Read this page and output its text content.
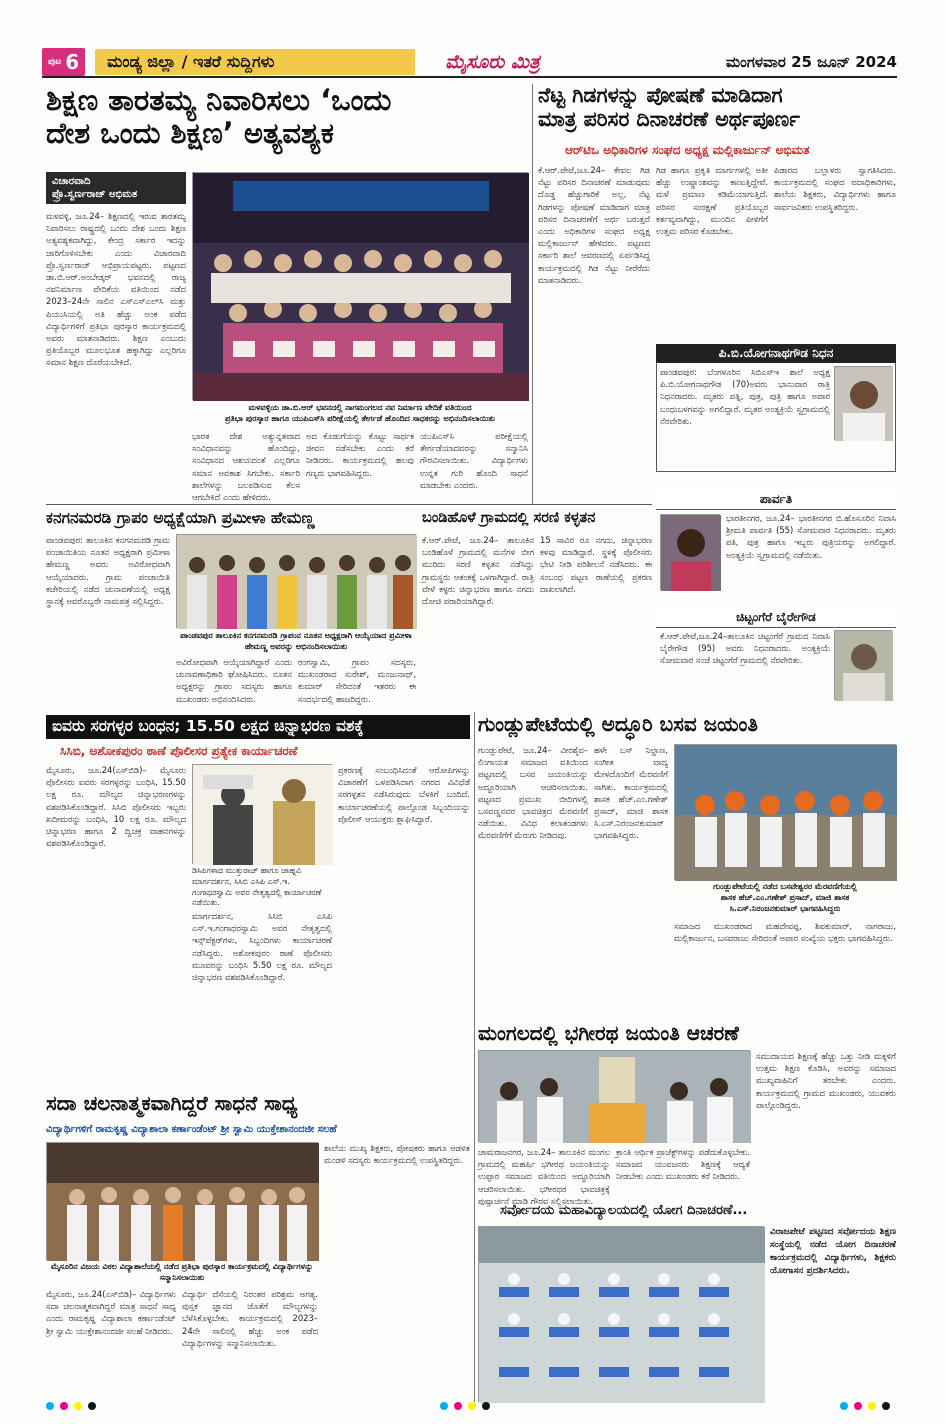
ಪುಟ 6	ಮಂಡ್ಯ ಜಿಲ್ಲಾ / ಇತರೆ ಸುದ್ದಿಗಳು	ಮೈಸೂರು ಮಿತ್ರ	ಮಂಗಳವಾರ 25 ಜೂನ್ 2024
ಶಿಕ್ಷಣ ತಾರತಮ್ಯ ನಿವಾರಿಸಲು ‘ಒಂದು
ದೇಶ ಒಂದು ಶಿಕ್ಷಣ’ ಅತ್ಯವಶ್ಯಕ
ವಿಚಾರವಾದಿ
ಪ್ರೊ.ಸ್ವರ್ಣರಾಜ್ ಅಭಿಮತ
ಮಳವಳ್ಳಿ, ಜೂ.24– ಶಿಕ್ಷಣದಲ್ಲಿ ಇರುವ ತಾರತಮ್ಯ ನಿವಾರಿಸಲು ರಾಷ್ಟ್ರದಲ್ಲಿ ಒಂದು ದೇಶ ಒಂದು ಶಿಕ್ಷಣ ಅತ್ಯವಶ್ಯಕವಾಗಿದ್ದು, ಕೇಂದ್ರ ಸರ್ಕಾರ ಇದನ್ನು ಜಾರಿಗೊಳಿಸಬೇಕು ಎಂದು ವಿಚಾರವಾದಿ ಪ್ರೊ.ಸ್ವರ್ಣರಾಜ್ ಅಭಿಪ್ರಾಯಪಟ್ಟರು. ಪಟ್ಟಣದ ಡಾ.ಬಿ.ಆರ್.ಅಂಬೇಡ್ಕರ್ ಭವನದಲ್ಲಿ ರಾಜ್ಯ ನವನಿರ್ಮಾಣ ವೇದಿಕೆಯ ವತಿಯಿಂದ ನಡೆದ 2023–24ನೇ ಸಾಲಿನ ಎಸ್‌ಎಸ್‌ಎಲ್‌ಸಿ ಮತ್ತು ಪಿಯುಸಿಯಲ್ಲಿ ಅತಿ ಹೆಚ್ಚು ಅಂಕ ಪಡೆದ ವಿದ್ಯಾರ್ಥಿಗಳಿಗೆ ಪ್ರತಿಭಾ ಪುರಸ್ಕಾರ ಕಾರ್ಯಕ್ರಮದಲ್ಲಿ ಅವರು ಮಾತನಾಡಿದರು. ಶಿಕ್ಷಣ ಎಂಬುದು ಪ್ರತಿಯೊಬ್ಬರ ಮೂಲಭೂತ ಹಕ್ಕಾಗಿದ್ದು ಎಲ್ಲರಿಗೂ ಸಮಾನ ಶಿಕ್ಷಣ ದೊರೆಯಬೇಕಿದೆ.
ಮಳವಳ್ಳಿಯ ಡಾ.ಬಿ.ಆರ್ ಭವನದಲ್ಲಿ ನಾಗಮಂಗಲದ ನವ ನಿರ್ಮಾಣ ವೇದಿಕೆ ವತಿಯಿಂದ
ಪ್ರತಿಭಾ ಪುರಸ್ಕಾರ ಹಾಗೂ ಯುಪಿಎಸ್‌ಸಿ ಪರೀಕ್ಷೆಯಲ್ಲಿ ತೇರ್ಗಡೆ ಹೊಂದಿದ ಸಾಧಕರನ್ನು ಅಭಿನಂದಿಸಲಾಯಿತು
ಭಾರತ ದೇಶ ಅತ್ಯುನ್ನತವಾದ ಸಂವಿಧಾನವನ್ನು ಹೊಂದಿದ್ದು, ಸಂವಿಧಾನದ ಆಶಯದಂತೆ ಎಲ್ಲರಿಗೂ ಸಮಾನ ಅವಕಾಶ ಸಿಗಬೇಕು. ಸರ್ಕಾರಿ ಶಾಲೆಗಳನ್ನು ಬಲಪಡಿಸುವ ಕೆಲಸ ಆಗಬೇಕಿದೆ ಎಂದು ಹೇಳಿದರು.
ಅದ ಕೊಡುಗೆಯನ್ನು ಕೊಟ್ಟು ಸಾರ್ಥಕ ಜೀವನ ನಡೆಸಬೇಕು ಎಂದು ಕರೆ ನೀಡಿದರು. ಕಾರ್ಯಕ್ರಮದಲ್ಲಿ ಹಲವು ಗಣ್ಯರು ಭಾಗವಹಿಸಿದ್ದರು.
ಯುಪಿಎಸ್‌ಸಿ ಪರೀಕ್ಷೆಯಲ್ಲಿ ತೇರ್ಗಡೆಯಾದವರನ್ನು ಸನ್ಮಾನಿಸಿ ಗೌರವಿಸಲಾಯಿತು. ವಿದ್ಯಾರ್ಥಿಗಳು ಉನ್ನತ ಗುರಿ ಹೊಂದಿ ಸಾಧನೆ ಮಾಡಬೇಕು ಎಂದರು.
ನೆಟ್ಟ ಗಿಡಗಳನ್ನು ಪೋಷಣೆ ಮಾಡಿದಾಗ
ಮಾತ್ರ ಪರಿಸರ ದಿನಾಚರಣೆ ಅರ್ಥಪೂರ್ಣ
ಆರ್‌ಟಿಒ ಅಧಿಕಾರಿಗಳ ಸಂಘದ ಅಧ್ಯಕ್ಷ ಮಲ್ಲಿಕಾರ್ಜುನ್ ಅಭಿಮತ
ಕೆ.ಆರ್.ಪೇಟೆ,ಜೂ.24– ಕೇವಲ ಗಿಡ ನೆಟ್ಟು ಪರಿಸರ ದಿನಾಚರಣೆ ಮಾಡುವುದು ದೊಡ್ಡ ಹೆಚ್ಚುಗಾರಿಕೆ ಅಲ್ಲ, ನೆಟ್ಟ ಗಿಡಗಳನ್ನು ಪೋಷಣೆ ಮಾಡಿದಾಗ ಮಾತ್ರ ಪರಿಸರ ದಿನಾಚರಣೆಗೆ ಅರ್ಥ ಬರುತ್ತದೆ ಎಂದು ಅಧಿಕಾರಿಗಳ ಸಂಘದ ಅಧ್ಯಕ್ಷ ಮಲ್ಲಿಕಾರ್ಜುನ್ ಹೇಳಿದರು. ಪಟ್ಟಣದ ಸರ್ಕಾರಿ ಶಾಲೆ ಆವರಣದಲ್ಲಿ ಏರ್ಪಡಿಸಿದ್ದ ಕಾರ್ಯಕ್ರಮದಲ್ಲಿ ಗಿಡ ನೆಟ್ಟು ನೀರೆರೆದು ಮಾತನಾಡಿದರು.
ಗಿಡ ಹಾಗೂ ಪ್ರಕೃತಿ ಮಾರ್ಗಗಳಲ್ಲಿ ಅತೀ ಹೆಚ್ಚು ಉಷ್ಣಾಂಶವನ್ನು ಕಾಣುತ್ತಿದ್ದೇವೆ. ಮಳೆ ಪ್ರಮಾಣ ಕಡಿಮೆಯಾಗುತ್ತಿದೆ. ಪರಿಸರ ಸಂರಕ್ಷಣೆ ಪ್ರತಿಯೊಬ್ಬರ ಕರ್ತವ್ಯವಾಗಿದ್ದು, ಮುಂದಿನ ಪೀಳಿಗೆಗೆ ಉತ್ತಮ ಪರಿಸರ ಕೊಡಬೇಕು.
ಪಿಡಾರದ ಬಲ್ಲಾಳರು ಸ್ವಾಗತಿಸಿದರು. ಕಾರ್ಯಕ್ರಮದಲ್ಲಿ ಸಂಘದ ಪದಾಧಿಕಾರಿಗಳು, ಶಾಲೆಯ ಶಿಕ್ಷಕರು, ವಿದ್ಯಾರ್ಥಿಗಳು ಹಾಗೂ ಸಾರ್ವಜನಿಕರು ಉಪಸ್ಥಿತರಿದ್ದರು.
ಪಿ.ಬಿ.ಯೋಗನಾಥಗೌಡ ನಿಧನ
ಪಾಂಡವಪುರ: ಬೆಂಗಳೂರಿನ ಸಿಬಿಎಸ್‌ಇ ಶಾಲೆ ಅಧ್ಯಕ್ಷ ಪಿ.ಬಿ.ಯೋಗನಾಥಗೌಡ (70)ಅವರು ಭಾನುವಾರ ರಾತ್ರಿ ನಿಧನರಾದರು. ಮೃತರು ಪತ್ನಿ, ಪುತ್ರ, ಪುತ್ರಿ ಹಾಗೂ ಅಪಾರ ಬಂಧುಬಳಗವನ್ನು ಅಗಲಿದ್ದಾರೆ. ಮೃತರ ಅಂತ್ಯಕ್ರಿಯೆ ಸ್ವಗ್ರಾಮದಲ್ಲಿ ನೆರವೇರಿತು.
ಪಾರ್ವತಿ
ಭಾರತೀನಗರ, ಜೂ.24– ಭಾರತೀನಗರ ಬಿ.ಹೊಸೂರಿನ ನಿವಾಸಿ ಶ್ರೀಮತಿ ಪಾರ್ವತಿ (55) ಸೋಮವಾರ ನಿಧನರಾದರು. ಮೃತರು ಪತಿ, ಪುತ್ರ ಹಾಗೂ ಇಬ್ಬರು ಪುತ್ರಿಯರನ್ನು ಅಗಲಿದ್ದಾರೆ. ಅಂತ್ಯಕ್ರಿಯೆ ಸ್ವಗ್ರಾಮದಲ್ಲಿ ನಡೆಯಿತು.
ಚಿಟ್ಟಂಗೆರೆ ಬೈರೇಗೌಡ
ಕೆ.ಆರ್.ಪೇಟೆ,ಜೂ.24–ತಾಲೂಕಿನ ಚಿಟ್ಟಂಗೆರೆ ಗ್ರಾಮದ ನಿವಾಸಿ ಬೈರೇಗೌಡ (95) ಅವರು ನಿಧನರಾದರು. ಅಂತ್ಯಕ್ರಿಯೆ ಸೋಮವಾರ ಸಂಜೆ ಚಿಟ್ಟಂಗೆರೆ ಗ್ರಾಮದಲ್ಲಿ ನೆರವೇರಿತು.
ಕನಗನಮರಡಿ ಗ್ರಾಪಂ ಅಧ್ಯಕ್ಷೆಯಾಗಿ ಪ್ರಮೀಳಾ ಹೇಮಣ್ಣ
ಪಾಂಡವಪುರ: ತಾಲೂಕಿನ ಕನಗನಮರಡಿ ಗ್ರಾಮ ಪಂಚಾಯಿತಿಯ ನೂತನ ಅಧ್ಯಕ್ಷರಾಗಿ ಪ್ರಮೀಳಾ ಹೇಮಣ್ಣ ಅವರು ಅವಿರೋಧವಾಗಿ ಆಯ್ಕೆಯಾದರು. ಗ್ರಾಮ ಪಂಚಾಯಿತಿ ಕಚೇರಿಯಲ್ಲಿ ನಡೆದ ಚುನಾವಣೆಯಲ್ಲಿ ಅಧ್ಯಕ್ಷ ಸ್ಥಾನಕ್ಕೆ ಅವರೊಬ್ಬರೇ ನಾಮಪತ್ರ ಸಲ್ಲಿಸಿದ್ದರು.
ಪಾಂಡವಪುರ ತಾಲೂಕಿನ ಕನಗನಮರಡಿ ಗ್ರಾಪಂನ ನೂತನ ಅಧ್ಯಕ್ಷರಾಗಿ ಆಯ್ಕೆಯಾದ ಪ್ರಮೀಳಾ ಹೇಮಣ್ಣ ಅವರನ್ನು ಅಭಿನಂದಿಸಲಾಯಿತು
ಅವಿರೋಧವಾಗಿ ಆಯ್ಕೆಯಾಗಿದ್ದಾರೆ ಎಂದು ಚುನಾವಣಾಧಿಕಾರಿ ಘೋಷಿಸಿದರು. ನೂತನ ಅಧ್ಯಕ್ಷರನ್ನು ಗ್ರಾಪಂ ಸದಸ್ಯರು ಹಾಗೂ ಮುಖಂಡರು ಅಭಿನಂದಿಸಿದರು.
ರಂಗಸ್ವಾಮಿ, ಗ್ರಾಪಂ ಸದಸ್ಯರು, ಮುಖಂಡರಾದ ಸುರೇಶ್, ಮಂಜುನಾಥ್, ಕುಮಾರ್ ಸೇರಿದಂತೆ ಇತರರು ಈ ಸಂದರ್ಭದಲ್ಲಿ ಹಾಜರಿದ್ದರು.
ಬಂಡಿಹೊಳೆ ಗ್ರಾಮದಲ್ಲಿ ಸರಣಿ ಕಳ್ಳತನ
ಕೆ.ಆರ್.ಪೇಟೆ, ಜೂ.24– ತಾಲೂಕಿನ ಬಂಡಿಹೊಳೆ ಗ್ರಾಮದಲ್ಲಿ ಮನೆಗಳ ಬೀಗ ಮುರಿದು ಸರಣಿ ಕಳ್ಳತನ ನಡೆಸಿದ್ದು ಗ್ರಾಮಸ್ಥರು ಆತಂಕಕ್ಕೆ ಒಳಗಾಗಿದ್ದಾರೆ. ರಾತ್ರಿ ವೇಳೆ ಕಳ್ಳರು ಚಿನ್ನಾಭರಣ ಹಾಗೂ ನಗದು ದೋಚಿ ಪರಾರಿಯಾಗಿದ್ದಾರೆ.
15 ಸಾವಿರ ರೂ ನಗದು, ಚಿನ್ನಾಭರಣ ಕಳವು ಮಾಡಿದ್ದಾರೆ. ಸ್ಥಳಕ್ಕೆ ಪೊಲೀಸರು ಭೇಟಿ ನೀಡಿ ಪರಿಶೀಲನೆ ನಡೆಸಿದರು. ಈ ಸಂಬಂಧ ಪಟ್ಟಣ ಠಾಣೆಯಲ್ಲಿ ಪ್ರಕರಣ ದಾಖಲಾಗಿದೆ.
ಐವರು ಸರಗಳ್ಳರ ಬಂಧನ; 15.50 ಲಕ್ಷದ ಚಿನ್ನಾಭರಣ ವಶಕ್ಕೆ
ಸಿಸಿಬಿ, ಅಶೋಕಪುರಂ ಠಾಣೆ ಪೊಲೀಸರ ಪ್ರತ್ಯೇಕ ಕಾರ್ಯಾಚರಣೆ
ಮೈಸೂರು, ಜೂ.24(ಎಸ್‌ಬಿಡಿ)– ಮೈಸೂರು ಪೊಲೀಸರು ಐವರು ಸರಗಳ್ಳರನ್ನು ಬಂಧಿಸಿ, 15.50 ಲಕ್ಷ ರೂ. ಮೌಲ್ಯದ ಚಿನ್ನಾಭರಣಗಳನ್ನು ವಶಪಡಿಸಿಕೊಂಡಿದ್ದಾರೆ. ಸಿಸಿಬಿ ಪೊಲೀಸರು ಇಬ್ಬರು ಖದೀಮರನ್ನು ಬಂಧಿಸಿ, 10 ಲಕ್ಷ ರೂ. ಮೌಲ್ಯದ ಚಿನ್ನಾಭರಣ ಹಾಗೂ 2 ದ್ವಿಚಕ್ರ ವಾಹನಗಳನ್ನು ವಶಪಡಿಸಿಕೊಂಡಿದ್ದಾರೆ.
ಡಿಸಿಪಿಗಳಾದ ಮುತ್ತುರಾಜ್ ಹಾಗೂ ಜಾಹ್ನವಿ ಮಾರ್ಗದರ್ಶನ, ಸಿಸಿಬಿ ಎಸಿಪಿ ಎಸ್.ಇ. ಗಂಗಾಧರಸ್ವಾಮಿ ಅವರ ನೇತೃತ್ವದಲ್ಲಿ ಕಾರ್ಯಾಚರಣೆ ನಡೆಯಿತು.
ಮಾರ್ಗದರ್ಶನ, ಸಿಸಿಬಿ ಎಸಿಪಿ ಎಸ್.ಇ.ಗಂಗಾಧರಸ್ವಾಮಿ ಅವರ ನೇತೃತ್ವದಲ್ಲಿ ಇನ್ಸ್‌ಪೆಕ್ಟರ್‌ಗಳು, ಸಿಬ್ಬಂದಿಗಳು ಕಾರ್ಯಾಚರಣೆ ನಡೆಸಿದ್ದರು. ಅಶೋಕಪುರಂ ಠಾಣೆ ಪೊಲೀಸರು ಮೂವರನ್ನು ಬಂಧಿಸಿ 5.50 ಲಕ್ಷ ರೂ. ಮೌಲ್ಯದ ಚಿನ್ನಾಭರಣ ವಶಪಡಿಸಿಕೊಂಡಿದ್ದಾರೆ.
ಪ್ರಕರಣಕ್ಕೆ ಸಂಬಂಧಿಸಿದಂತೆ ಆರೋಪಿಗಳನ್ನು ವಿಚಾರಣೆಗೆ ಒಳಪಡಿಸಿದಾಗ ನಗರದ ವಿವಿಧೆಡೆ ಸರಗಳ್ಳತನ ನಡೆಸಿರುವುದು ಬೆಳಕಿಗೆ ಬಂದಿದೆ. ಕಾರ್ಯಾಚರಣೆಯಲ್ಲಿ ಪಾಲ್ಗೊಂಡ ಸಿಬ್ಬಂದಿಯನ್ನು ಪೊಲೀಸ್ ಆಯುಕ್ತರು ಶ್ಲಾಘಿಸಿದ್ದಾರೆ.
ಗುಂಡ್ಲುಪೇಟೆಯಲ್ಲಿ ಅದ್ಧೂರಿ ಬಸವ ಜಯಂತಿ
ಗುಂಡ್ಲುಪೇಟೆ, ಜೂ.24– ವೀರಶೈವ–ಲಿಂಗಾಯತ ಸಮಾಜದ ವತಿಯಿಂದ ಪಟ್ಟಣದಲ್ಲಿ ಬಸವ ಜಯಂತಿಯನ್ನು ಅದ್ಧೂರಿಯಾಗಿ ಆಚರಿಸಲಾಯಿತು. ಪಟ್ಟಣದ ಪ್ರಮುಖ ಬೀದಿಗಳಲ್ಲಿ ಬಸವಣ್ಣನವರ ಭಾವಚಿತ್ರದ ಮೆರವಣಿಗೆ ನಡೆಯಿತು. ವಿವಿಧ ಕಲಾತಂಡಗಳು ಮೆರವಣಿಗೆಗೆ ಮೆರುಗು ನೀಡಿದವು.
ಹಳೇ ಬಸ್ ನಿಲ್ದಾಣ, ಸಂಗೀತ ವಾದ್ಯ ಮೇಳದೊಂದಿಗೆ ಮೆರವಣಿಗೆ ಸಾಗಿತು. ಕಾರ್ಯಕ್ರಮದಲ್ಲಿ ಶಾಸಕ ಹೆಚ್.ಎಂ.ಗಣೇಶ್ ಪ್ರಸಾದ್, ಮಾಜಿ ಶಾಸಕ ಸಿ.ಎಸ್.ನಿರಂಜನಕುಮಾರ್ ಭಾಗವಹಿಸಿದ್ದರು.
ಗುಂಡ್ಲುಪೇಟೆಯಲ್ಲಿ ನಡೆದ ಬಸವೇಶ್ವರರ ಮೆರವಣಿಗೆಯಲ್ಲಿ
ಶಾಸಕ ಹೆಚ್.ಎಂ.ಗಣೇಶ್ ಪ್ರಸಾದ್, ಮಾಜಿ ಶಾಸಕ
ಸಿ.ಎಸ್.ನಿರಂಜನಕುಮಾರ್ ಭಾಗವಹಿಸಿದ್ದರು
ಸಮಾಜದ ಮುಖಂಡರಾದ ಮಹದೇವಪ್ಪ, ಶಿವಕುಮಾರ್, ನಾಗರಾಜು, ಮಲ್ಲಿಕಾರ್ಜುನ, ಬಸವರಾಜು ಸೇರಿದಂತೆ ಅಪಾರ ಸಂಖ್ಯೆಯ ಭಕ್ತರು ಭಾಗವಹಿಸಿದ್ದರು.
ಮಂಗಲದಲ್ಲಿ ಭಗೀರಥ ಜಯಂತಿ ಆಚರಣೆ
ಚಾಮರಾಜನಗರ, ಜೂ.24– ತಾಲೂಕಿನ ಮಂಗಲ ಗ್ರಾಮದಲ್ಲಿ ಮಹರ್ಷಿ ಭಗೀರಥ ಜಯಂತಿಯನ್ನು ಉಪ್ಪಾರ ಸಮಾಜದ ವತಿಯಿಂದ ಅದ್ಧೂರಿಯಾಗಿ ಆಚರಿಸಲಾಯಿತು. ಭಗೀರಥರ ಭಾವಚಿತ್ರಕ್ಕೆ ಪುಷ್ಪಾರ್ಚನೆ ಮಾಡಿ ಗೌರವ ಸಲ್ಲಿಸಲಾಯಿತು.
ಕ್ರಾಂತಿ ಆರ್ಥಿಕ ಪ್ರಾಜೆಕ್ಟ್‌ಗಳನ್ನು ಪಡೆದುಕೊಳ್ಳಬೇಕು. ಸಮಾಜದ ಯುವಜನರು ಶಿಕ್ಷಣಕ್ಕೆ ಆದ್ಯತೆ ನೀಡಬೇಕು ಎಂದು ಮುಖಂಡರು ಕರೆ ನೀಡಿದರು.
ಸಮುದಾಯದ ಶಿಕ್ಷಣಕ್ಕೆ ಹೆಚ್ಚು ಒತ್ತು ನೀಡಿ ಮಕ್ಕಳಿಗೆ ಉತ್ತಮ ಶಿಕ್ಷಣ ಕೊಡಿಸಿ, ಅವರನ್ನು ಸಮಾಜದ ಮುಖ್ಯವಾಹಿನಿಗೆ ತರಬೇಕು ಎಂದರು. ಕಾರ್ಯಕ್ರಮದಲ್ಲಿ ಗ್ರಾಮದ ಮುಖಂಡರು, ಯುವಕರು ಪಾಲ್ಗೊಂಡಿದ್ದರು.
ಸದಾ ಚಲನಾತ್ಮಕವಾಗಿದ್ದರೆ ಸಾಧನೆ ಸಾಧ್ಯ
ವಿದ್ಯಾರ್ಥಿಗಳಿಗೆ ರಾಮಕೃಷ್ಣ ವಿದ್ಯಾಶಾಲಾ ಕರ್ಣಾಂಡೆಂಟ್ ಶ್ರೀ ಸ್ವಾಮಿ ಯುಕ್ತೇಶಾನಂದಜೀ ಸಲಹೆ
ಮೈಸೂರಿನ ವಿಜಯ ವಿಠಲ ವಿದ್ಯಾಶಾಲೆಯಲ್ಲಿ ನಡೆದ ಪ್ರತಿಭಾ ಪುರಸ್ಕಾರ ಕಾರ್ಯಕ್ರಮದಲ್ಲಿ ವಿದ್ಯಾರ್ಥಿಗಳನ್ನು ಸನ್ಮಾನಿಸಲಾಯಿತು
ಮೈಸೂರು, ಜೂ.24(ಎಸ್‌ಬಿಡಿ)– ವಿದ್ಯಾರ್ಥಿಗಳು ಸದಾ ಚಲನಾತ್ಮಕವಾಗಿದ್ದರೆ ಮಾತ್ರ ಸಾಧನೆ ಸಾಧ್ಯ ಎಂದು ರಾಮಕೃಷ್ಣ ವಿದ್ಯಾಶಾಲಾ ಕರ್ಣಾಂಡೆಂಟ್ ಶ್ರೀ ಸ್ವಾಮಿ ಯುಕ್ತೇಶಾನಂದಜೀ ಸಲಹೆ ನೀಡಿದರು.
ವಿದ್ಯಾರ್ಥಿ ದೆಸೆಯಲ್ಲಿ ನಿರಂತರ ಪರಿಶ್ರಮ ಅಗತ್ಯ. ಪುಸ್ತಕ ಜ್ಞಾನದ ಜೊತೆಗೆ ಮೌಲ್ಯಗಳನ್ನು ಬೆಳೆಸಿಕೊಳ್ಳಬೇಕು. ಕಾರ್ಯಕ್ರಮದಲ್ಲಿ 2023–24ನೇ ಸಾಲಿನಲ್ಲಿ ಹೆಚ್ಚು ಅಂಕ ಪಡೆದ ವಿದ್ಯಾರ್ಥಿಗಳನ್ನು ಸನ್ಮಾನಿಸಲಾಯಿತು.
ಶಾಲೆಯ ಮುಖ್ಯ ಶಿಕ್ಷಕರು, ಪೋಷಕರು ಹಾಗೂ ಆಡಳಿತ ಮಂಡಳಿ ಸದಸ್ಯರು ಕಾರ್ಯಕ್ರಮದಲ್ಲಿ ಉಪಸ್ಥಿತರಿದ್ದರು.
ಸರ್ವೋದಯ ಮಹಾವಿದ್ಯಾಲಯದಲ್ಲಿ ಯೋಗ ದಿನಾಚರಣೆ...
ವಿರಾಜಪೇಟೆ ಪಟ್ಟಣದ ಸರ್ವೋದಯ ಶಿಕ್ಷಣ ಸಂಸ್ಥೆಯಲ್ಲಿ ನಡೆದ ಯೋಗ ದಿನಾಚರಣೆ ಕಾರ್ಯಕ್ರಮದಲ್ಲಿ ವಿದ್ಯಾರ್ಥಿಗಳು, ಶಿಕ್ಷಕರು ಯೋಗಾಸನ ಪ್ರದರ್ಶಿಸಿದರು.
